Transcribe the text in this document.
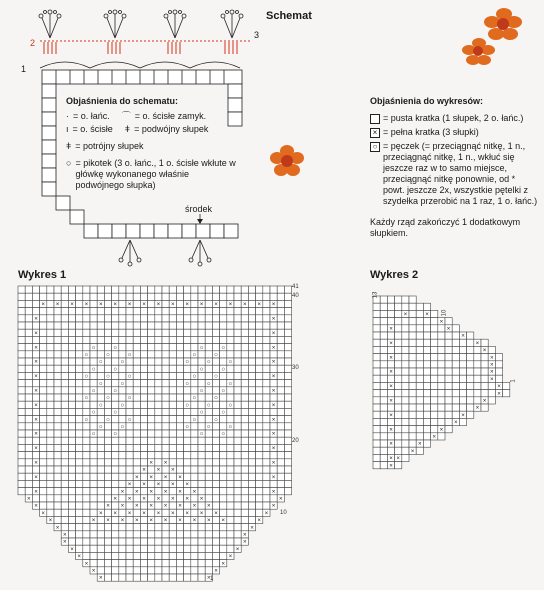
Schemat
2
3
1
środek
Objaśnienia do schematu:
· = o. łańc. ⌒ = o. ścisłe zamyk.
ı = o. ścisłe ǂ = podwójny słupek
ǂ = potrójny słupek
○ = pikotek (3 o. łańc., 1 o. ścisłe wkłute w główkę wykonanego właśnie podwójnego słupka)
Objaśnienia do wykresów:
= pusta kratka (1 słupek, 2 o. łańc.)
× = pełna kratka (3 słupki)
○ = pęczek (= przeciągnąć nitkę, 1 n., przeciągnąć nitkę, 1 n., wkłuć się jeszcze raz w to samo miejsce, przeciągnąć nitkę ponownie, od * powt. jeszcze 2x, wszystkie pętelki z szydełka przerobić na 1 raz, 1 o. łańc.)
Każdy rząd zakończyć 1 dodatkowym słupkiem.
Wykres 1
× × × × × × × × × × × × × × × × ×
×	×
×	×
×	○	○	○	○	×
○	○	○	○	○
×	○	○	○	○	○	×
○	○	○	○
×	○	○	○	○	○	×
○	○	○	○	○
×	○	○	○	○	×
○	○	○	○	○
×	○	○	○	○	○	×
○	○	○	○
×	○	○	○	○	○	×
○	○	○	○	○
×	○	○	○	○	×
×	×
×	× ×	×
× × ×
×	× × × ×	×
× × × × ×
×	× × × × × ×	×
×	× × × × × × ×	×
×	× × × × × × × ×	×
×	× × × × × × × × ×	×
×	× × × × × × × × × ×	×
×	×
×	×
×	×
×	×
×	×
×	×
×	×
×	×
41
40
30
20
10
1
Wykres 2
×	×
×
×	×
×
×	×
×
×	×
×
×	×
×
×	×
×
×	×
×
×	×
×
×	×
×
×	×
×
× ×
×
13
10
1
